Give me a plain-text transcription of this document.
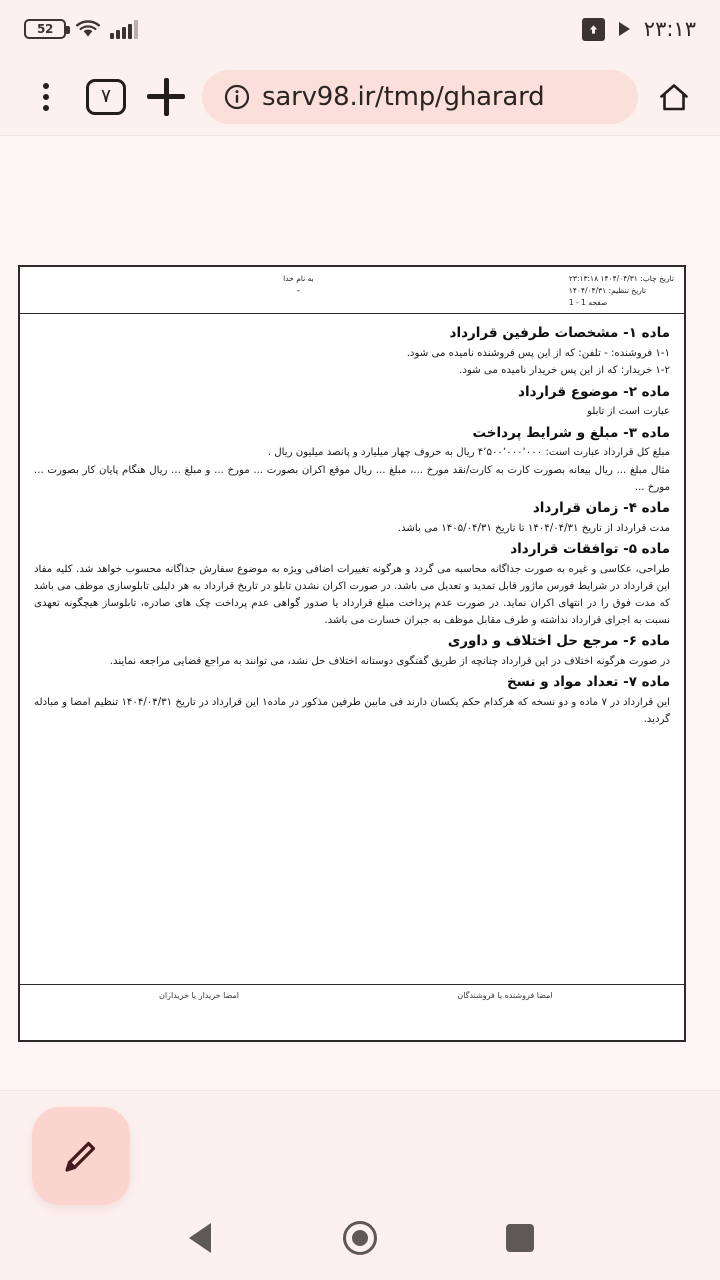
52	۲۳:۱۳
۷	sarv98.ir/tmp/gharard
به نام خدا
-
تاریخ چاپ: ۱۴۰۴/۰۴/۳۱ ۲۳:۱۳:۱۸
تاریخ تنظیم: ۱۴۰۴/۰۴/۳۱
صفحه 1 - 1
ماده ۱- مشخصات طرفین قرارداد
۱-۱ فروشنده: - تلفن: که از این پس فروشنده نامیده می شود.
۱-۲ خریدار: که از این پس خریدار نامیده می شود.
ماده ۲- موضوع قرارداد
عبارت است از تابلو
ماده ۳- مبلغ و شرایط پرداخت
مبلغ کل قرارداد عبارت است: ۴٬۵۰۰٬۰۰۰٬۰۰۰ ریال به حروف چهار میلیارد و پانصد میلیون ریال .
مثال مبلغ ... ریال بیعانه بصورت کارت به کارت/نقد مورخ ...، مبلغ ... ریال موقع اکران بصورت ... مورخ ... و مبلغ ... ریال هنگام پایان کار بصورت ... مورخ ...
ماده ۴- زمان قرارداد
مدت قرارداد از تاریخ ۱۴۰۴/۰۴/۳۱ تا تاریخ ۱۴۰۵/۰۴/۳۱ می باشد.
ماده ۵- توافقات قرارداد
طراحی، عکاسی و غیره به صورت جداگانه محاسبه می گردد و هرگونه تغییرات اضافی ویژه به موضوع سفارش جداگانه محسوب خواهد شد. کلیه مفاد این قرارداد در شرایط فورس ماژور قابل تمدید و تعدیل می باشد. در صورت اکران نشدن تابلو در تاریخ قرارداد به هر دلیلی تابلوسازی موظف می باشد که مدت فوق را در انتهای اکران نماید. در صورت عدم پرداخت مبلغ قرارداد یا صدور گواهی عدم پرداخت چک های صادره، تابلوساز هیچگونه تعهدی نسبت به اجرای قرارداد نداشته و طرف مقابل موظف به جبران خسارت می باشد.
ماده ۶- مرجع حل اختلاف و داوری
در صورت هرگونه اختلاف در این قرارداد چنانچه از طریق گفتگوی دوستانه اختلاف حل نشد، می توانند به مراجع قضایی مراجعه نمایند.
ماده ۷- تعداد مواد و نسخ
این قرارداد در ۷ ماده و دو نسخه که هرکدام حکم یکسان دارند فی مابین طرفین مذکور در ماده۱ این قرارداد در تاریخ ۱۴۰۴/۰۴/۳۱ تنظیم امضا و مبادله گردید.
امضا فروشنده یا فروشندگان
امضا خریدار یا خریداران
